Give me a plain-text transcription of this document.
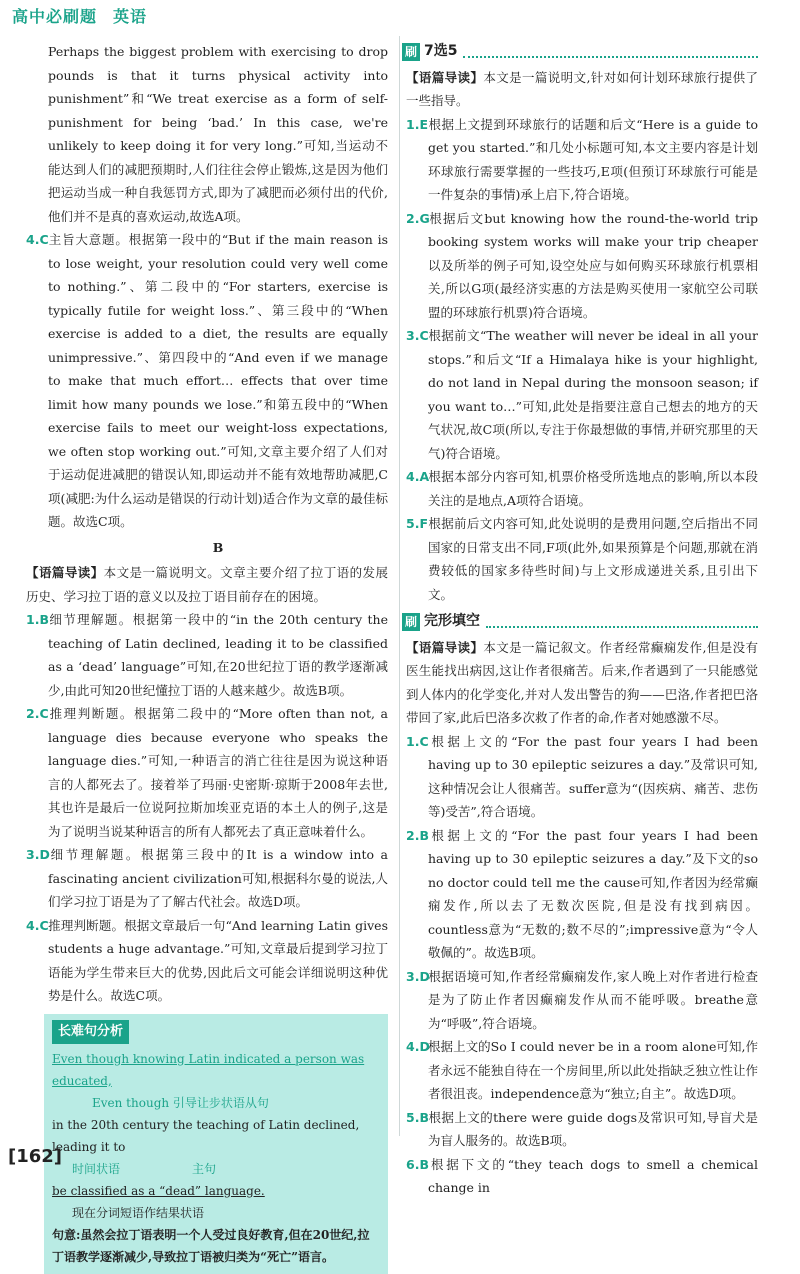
高中必刷题 英语

Perhaps the biggest problem with exercising to drop pounds is that it turns physical activity into punishment”和“We treat exercise as a form of self-punishment for being ‘bad.’ In this case, we're unlikely to keep doing it for very long.”可知,当运动不能达到人们的减肥预期时,人们往往会停止锻炼,这是因为他们把运动当成一种自我惩罚方式,即为了减肥而必须付出的代价,他们并不是真的喜欢运动,故选A项。

4.C主旨大意题。根据第一段中的“But if the main reason is to lose weight, your resolution could very well come to nothing.”、第二段中的“For starters, exercise is typically futile for weight loss.”、第三段中的“When exercise is added to a diet, the results are equally unimpressive.”、第四段中的“And even if we manage to make that much effort… effects that over time limit how many pounds we lose.”和第五段中的“When exercise fails to meet our weight-loss expectations, we often stop working out.”可知,文章主要介绍了人们对于运动促进减肥的错误认知,即运动并不能有效地帮助减肥,C项(减肥:为什么运动是错误的行动计划)适合作为文章的最佳标题。故选C项。

B

【语篇导读】本文是一篇说明文。文章主要介绍了拉丁语的发展历史、学习拉丁语的意义以及拉丁语目前存在的困境。

1.B细节理解题。根据第一段中的“in the 20th century the teaching of Latin declined, leading it to be classified as a ‘dead’ language”可知,在20世纪拉丁语的教学逐渐减少,由此可知20世纪懂拉丁语的人越来越少。故选B项。

2.C推理判断题。根据第二段中的“More often than not, a language dies because everyone who speaks the language dies.”可知,一种语言的消亡往往是因为说这种语言的人都死去了。接着举了玛丽·史密斯·琼斯于2008年去世,其也许是最后一位说阿拉斯加埃亚克语的本土人的例子,这是为了说明当说某种语言的所有人都死去了真正意味着什么。

3.D细节理解题。根据第三段中的It is a window into a fascinating ancient civilization可知,根据科尔曼的说法,人们学习拉丁语是为了了解古代社会。故选D项。

4.C推理判断题。根据文章最后一句“And learning Latin gives students a huge advantage.”可知,文章最后提到学习拉丁语能为学生带来巨大的优势,因此后文可能会详细说明这种优势是什么。故选C项。

长难句分析
Even though knowing Latin indicated a person was educated,
Even though 引导让步状语从句
in the 20th century the teaching of Latin declined, leading it to
时间状语　　　　　　主句
be classified as a “dead” language.
现在分词短语作结果状语
句意:虽然会拉丁语表明一个人受过良好教育,但在20世纪,拉丁语教学逐渐减少,导致拉丁语被归类为“死亡”语言。
刷 7选5

【语篇导读】本文是一篇说明文,针对如何计划环球旅行提供了一些指导。

1.E根据上文提到环球旅行的话题和后文“Here is a guide to get you started.”和几处小标题可知,本文主要内容是计划环球旅行需要掌握的一些技巧,E项(但预订环球旅行可能是一件复杂的事情)承上启下,符合语境。

2.G根据后文but knowing how the round-the-world trip booking system works will make your trip cheaper以及所举的例子可知,设空处应与如何购买环球旅行机票相关,所以G项(最经济实惠的方法是购买使用一家航空公司联盟的环球旅行机票)符合语境。

3.C根据前文“The weather will never be ideal in all your stops.”和后文“If a Himalaya hike is your highlight, do not land in Nepal during the monsoon season; if you want to…”可知,此处是指要注意自己想去的地方的天气状况,故C项(所以,专注于你最想做的事情,并研究那里的天气)符合语境。

4.A根据本部分内容可知,机票价格受所选地点的影响,所以本段关注的是地点,A项符合语境。

5.F根据前后文内容可知,此处说明的是费用问题,空后指出不同国家的日常支出不同,F项(此外,如果预算是个问题,那就在消费较低的国家多待些时间)与上文形成递进关系,且引出下文。

刷 完形填空

【语篇导读】本文是一篇记叙文。作者经常癫痫发作,但是没有医生能找出病因,这让作者很痛苦。后来,作者遇到了一只能感觉到人体内的化学变化,并对人发出警告的狗——巴洛,作者把巴洛带回了家,此后巴洛多次救了作者的命,作者对她感激不尽。

1.C根据上文的“For the past four years I had been having up to 30 epileptic seizures a day.”及常识可知,这种情况会让人很痛苦。suffer意为“(因疾病、痛苦、悲伤等)受苦”,符合语境。

2.B根据上文的“For the past four years I had been having up to 30 epileptic seizures a day.”及下文的so no doctor could tell me the cause可知,作者因为经常癫痫发作,所以去了无数次医院,但是没有找到病因。countless意为“无数的;数不尽的”;impressive意为“令人敬佩的”。故选B项。

3.D根据语境可知,作者经常癫痫发作,家人晚上对作者进行检查是为了防止作者因癫痫发作从而不能呼吸。breathe意为“呼吸”,符合语境。

4.D根据上文的So I could never be in a room alone可知,作者永远不能独自待在一个房间里,所以此处指缺乏独立性让作者很沮丧。independence意为“独立;自主”。故选D项。

5.B根据上文的there were guide dogs及常识可知,导盲犬是为盲人服务的。故选B项。

6.B根据下文的“they teach dogs to smell a chemical change in

[162]
